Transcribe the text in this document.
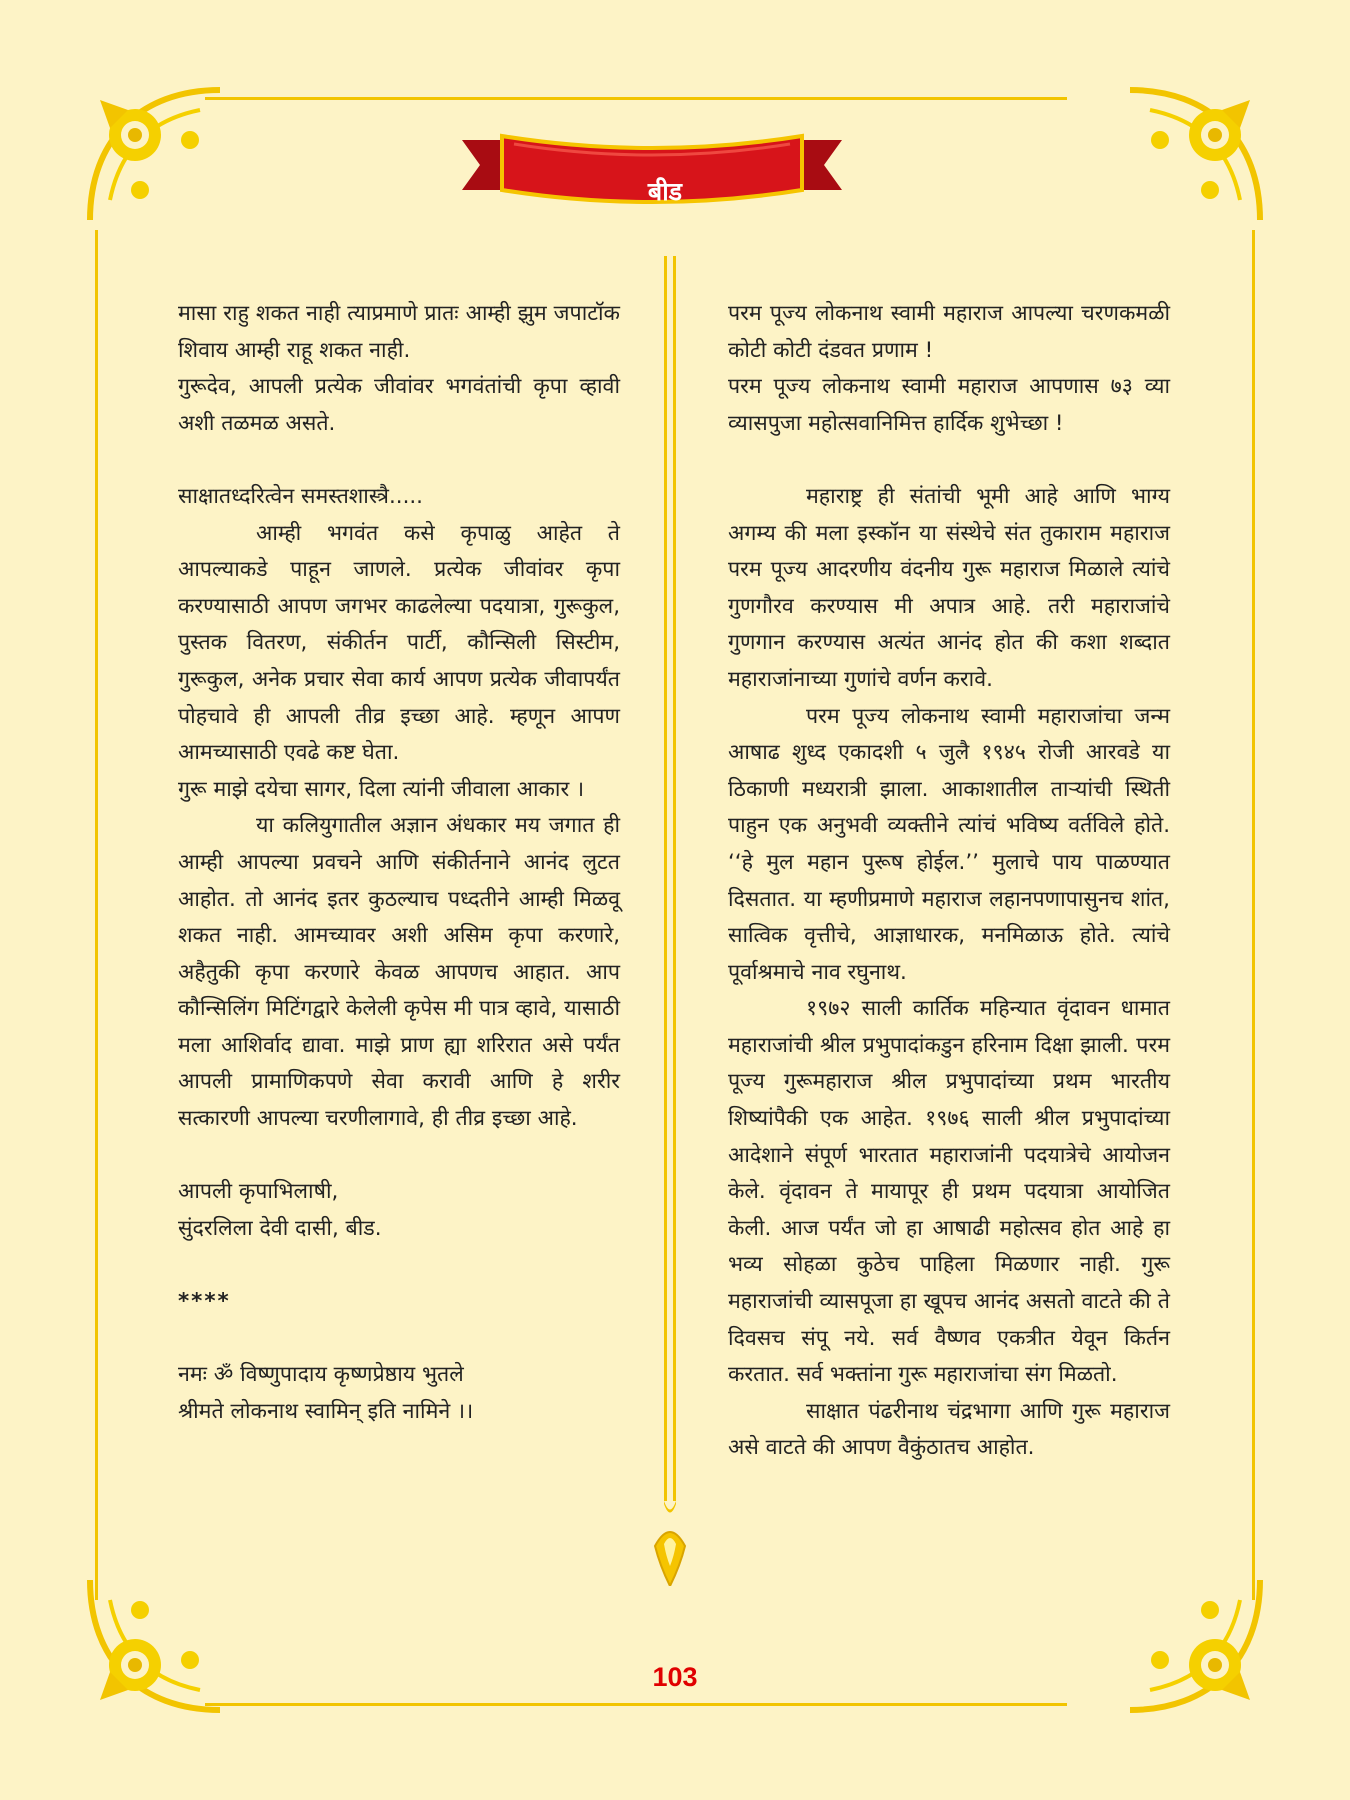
बीड

मासा राहु शकत नाही त्याप्रमाणे प्रातः आम्ही झुम जपाटॉक शिवाय आम्ही राहू शकत नाही.

गुरूदेव, आपली प्रत्येक जीवांवर भगवंतांची कृपा व्हावी अशी तळमळ असते.

साक्षातध्दरित्वेन समस्तशास्त्रै.....

आम्ही भगवंत कसे कृपाळु आहेत ते आपल्याकडे पाहून जाणले. प्रत्येक जीवांवर कृपा करण्यासाठी आपण जगभर काढलेल्या पदयात्रा, गुरूकुल, पुस्तक वितरण, संकीर्तन पार्टी, कौन्सिली सिस्टीम, गुरूकुल, अनेक प्रचार सेवा कार्य आपण प्रत्येक जीवापर्यंत पोहचावे ही आपली तीव्र इच्छा आहे. म्हणून आपण आमच्यासाठी एवढे कष्ट घेता.

गुरू माझे दयेचा सागर, दिला त्यांनी जीवाला आकार ।

या कलियुगातील अज्ञान अंधकार मय जगात ही आम्ही आपल्या प्रवचने आणि संकीर्तनाने आनंद लुटत आहोत. तो आनंद इतर कुठल्याच पध्दतीने आम्ही मिळवू शकत नाही. आमच्यावर अशी असिम कृपा करणारे, अहैतुकी कृपा करणारे केवळ आपणच आहात. आप कौन्सिलिंग मिटिंगद्वारे केलेली कृपेस मी पात्र व्हावे, यासाठी मला आशिर्वाद द्यावा. माझे प्राण ह्या शरिरात असे पर्यंत आपली प्रामाणिकपणे सेवा करावी आणि हे शरीर सत्कारणी आपल्या चरणीलागावे, ही तीव्र इच्छा आहे.

आपली कृपाभिलाषी,

सुंदरलिला देवी दासी, बीड.

****

नमः ॐ विष्णुपादाय कृष्णप्रेष्ठाय भुतले

श्रीमते लोकनाथ स्वामिन् इति नामिने ।।

परम पूज्य लोकनाथ स्वामी महाराज आपल्या चरणकमळी कोटी कोटी दंडवत प्रणाम !

परम पूज्य लोकनाथ स्वामी महाराज आपणास ७३ व्या व्यासपुजा महोत्सवानिमित्त हार्दिक शुभेच्छा !

महाराष्ट्र ही संतांची भूमी आहे आणि भाग्य अगम्य की मला इस्कॉन या संस्थेचे संत तुकाराम महाराज परम पूज्य आदरणीय वंदनीय गुरू महाराज मिळाले त्यांचे गुणगौरव करण्यास मी अपात्र आहे. तरी महाराजांचे गुणगान करण्यास अत्यंत आनंद होत की कशा शब्दात महाराजांनाच्या गुणांचे वर्णन करावे.

परम पूज्य लोकनाथ स्वामी महाराजांचा जन्म आषाढ शुध्द एकादशी ५ जुलै १९४५ रोजी आरवडे या ठिकाणी मध्यरात्री झाला. आकाशातील ताऱ्यांची स्थिती पाहुन एक अनुभवी व्यक्तीने त्यांचं भविष्य वर्तविले होते. ‘‘हे मुल महान पुरूष होईल.’’ मुलाचे पाय पाळण्यात दिसतात. या म्हणीप्रमाणे महाराज लहानपणापासुनच शांत, सात्विक वृत्तीचे, आज्ञाधारक, मनमिळाऊ होते. त्यांचे पूर्वाश्रमाचे नाव रघुनाथ.

१९७२ साली कार्तिक महिन्यात वृंदावन धामात महाराजांची श्रील प्रभुपादांकडुन हरिनाम दिक्षा झाली. परम पूज्य गुरूमहाराज श्रील प्रभुपादांच्या प्रथम भारतीय शिष्यांपैकी एक आहेत. १९७६ साली श्रील प्रभुपादांच्या आदेशाने संपूर्ण भारतात महाराजांनी पदयात्रेचे आयोजन केले. वृंदावन ते मायापूर ही प्रथम पदयात्रा आयोजित केली. आज पर्यंत जो हा आषाढी महोत्सव होत आहे हा भव्य सोहळा कुठेच पाहिला मिळणार नाही. गुरू महाराजांची व्यासपूजा हा खूपच आनंद असतो वाटते की ते दिवसच संपू नये. सर्व वैष्णव एकत्रीत येवून किर्तन करतात. सर्व भक्तांना गुरू महाराजांचा संग मिळतो.

साक्षात पंढरीनाथ चंद्रभागा आणि गुरू महाराज असे वाटते की आपण वैकुंठातच आहोत.

103
